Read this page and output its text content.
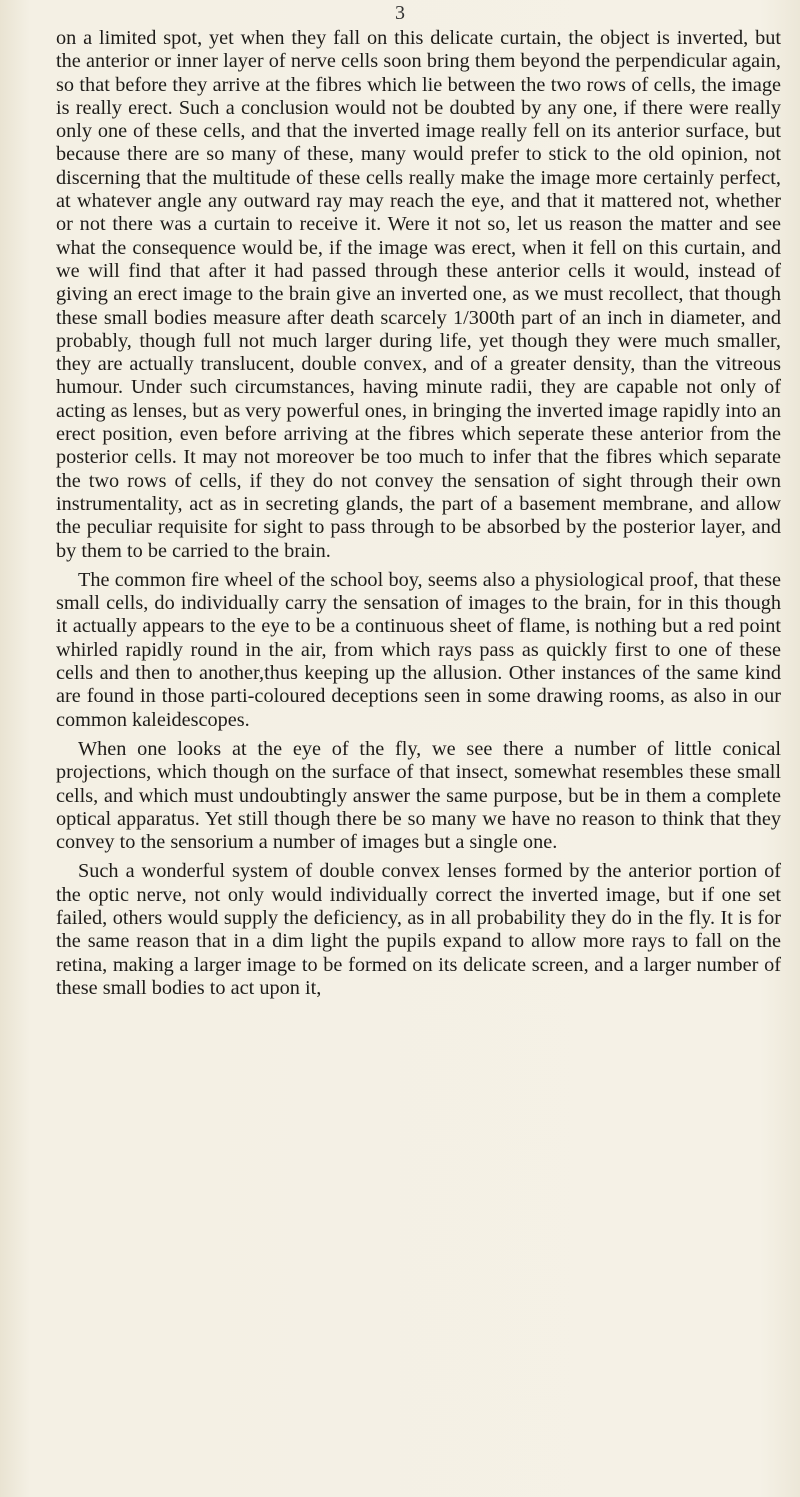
3

on a limited spot, yet when they fall on this delicate curtain, the object is inverted, but the anterior or inner layer of nerve cells soon bring them beyond the perpendicular again, so that before they arrive at the fibres which lie between the two rows of cells, the image is really erect. Such a conclusion would not be doubted by any one, if there were really only one of these cells, and that the inverted image really fell on its anterior surface, but because there are so many of these, many would prefer to stick to the old opinion, not discerning that the multitude of these cells really make the image more certainly perfect, at whatever angle any outward ray may reach the eye, and that it mattered not, whether or not there was a curtain to receive it. Were it not so, let us reason the matter and see what the consequence would be, if the image was erect, when it fell on this curtain, and we will find that after it had passed through these anterior cells it would, instead of giving an erect image to the brain give an inverted one, as we must recollect, that though these small bodies measure after death scarcely 1/300th part of an inch in diameter, and probably, though full not much larger during life, yet though they were much smaller, they are actually translucent, double convex, and of a greater density, than the vitreous humour. Under such circumstances, having minute radii, they are capable not only of acting as lenses, but as very powerful ones, in bringing the inverted image rapidly into an erect position, even before arriving at the fibres which seperate these anterior from the posterior cells. It may not moreover be too much to infer that the fibres which separate the two rows of cells, if they do not convey the sensation of sight through their own instrumentality, act as in secreting glands, the part of a basement membrane, and allow the peculiar requisite for sight to pass through to be absorbed by the posterior layer, and by them to be carried to the brain.

The common fire wheel of the school boy, seems also a physiological proof, that these small cells, do individually carry the sensation of images to the brain, for in this though it actually appears to the eye to be a continuous sheet of flame, is nothing but a red point whirled rapidly round in the air, from which rays pass as quickly first to one of these cells and then to another,thus keeping up the allusion. Other instances of the same kind are found in those parti-coloured deceptions seen in some drawing rooms, as also in our common kaleidescopes.

When one looks at the eye of the fly, we see there a number of little conical projections, which though on the surface of that insect, somewhat resembles these small cells, and which must undoubtingly answer the same purpose, but be in them a complete optical apparatus. Yet still though there be so many we have no reason to think that they convey to the sensorium a number of images but a single one.

Such a wonderful system of double convex lenses formed by the anterior portion of the optic nerve, not only would individually correct the inverted image, but if one set failed, others would supply the deficiency, as in all probability they do in the fly. It is for the same reason that in a dim light the pupils expand to allow more rays to fall on the retina, making a larger image to be formed on its delicate screen, and a larger number of these small bodies to act upon it,
